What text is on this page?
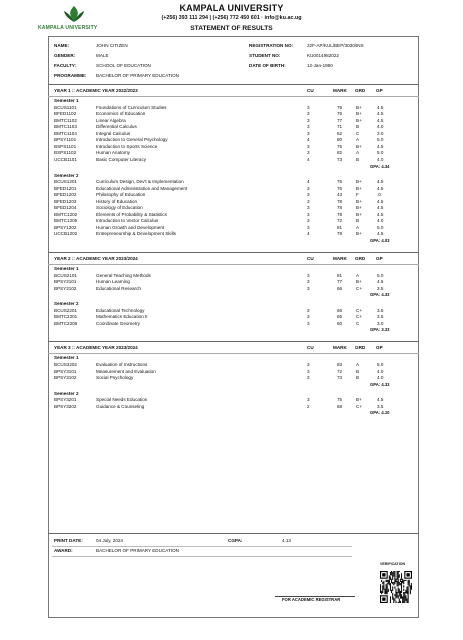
KAMPALA UNIVERSITY
KAMPALA UNIVERSITY
(+256) 393 111 294 | (+256) 772 450 601 · info@ku.ac.ug
STATEMENT OF RESULTS
NAME:	JOHN CITIZEN
GENDER:	MALE
FACULTY:	SCHOOL OF EDUCATION
PROGRAMME: BACHELOR OF PRIMARY EDUCATION
REGISTRATION NO:	22F-AP/KUL/BEP/3030/INS
STUDENT NO:	KU0014982022
DATE OF BIRTH:	12-Jan-1990
YEAR 1 :: ACADEMIC YEAR 2022/2023	CU	MARK GRD GP
Semester 1
BCUS1101	Foundations of Curriculum Studies	3	79	B+	4.5
BFED1102	Economics of Education	3	76	B+	4.5
BMTC1102	Linear Algebra	3	77	B+	4.5
BMTC1103	Differential Calculus	3	71	B	4.0
BMTC1104	Integral Calculus	3	62	C	3.0
BPSY1101	Introduction to General Psychology	4	80	A	5.0
BSPS1101	Introduction to Sports Science	3	75	B+	4.5
BSPS1102	Human Anatomy	3	82	A	5.0
UCCB1101	Basic Computer Literacy	4	73	B	4.0
GPA: 4.34
Semester 2
BCUS1201	Curriculum Design, Dev't & Implementation	4	76	B+	4.5
BFED1201	Educational Administration and Management	3	76	B+	4.5
BFED1202	Philosophy of Education	3	43	F	.0
BFED1203	History of Education	3	78	B+	4.5
BFED1204	Sociology of Education	3	78	B+	4.5
BMTC1202	Elements of Probability & Statistics	3	78	B+	4.5
BMTC1205	Introduction to Vector Calculus	3	72	B	4.0
BPSY1202	Human Growth and Development	3	81	A	5.0
UCCB1202	Entrepreneurship & Development Skills	4	78	B+	4.5
GPA: 4.03
YEAR 2 :: ACADEMIC YEAR 2023/2024	CU	MARK GRD GP
Semester 1
BCUS2101	General Teaching Methods	3	81	A	5.0
BPSY2101	Human Learning	3	77	B+	4.5
BPSY2102	Educational Research	3	66	C+	3.5
GPA: 4.33
Semester 2
BCUS2201	Educational Technology	3	66	C+	3.5
BMTC2201	Mathematics Education II	3	65	C+	3.5
BMTC2206	Coordinate Geometry	3	60	C	3.0
GPA: 3.33
YEAR 3 :: ACADEMIC YEAR 2023/2024	CU	MARK GRD GP
Semester 1
BCUS3202	Evaluation of Instructions	3	83	A	5.0
BPSY3101	Measurement and Evaluation	3	72	B	4.0
BPSY3102	Social Psychology	3	73	B	4.0
GPA: 4.33
Semester 2
BPSY3201	Special Needs Education	3	75	B+	4.5
BPSY3202	Guidance & Counseling	2	68	C+	3.5
GPA: 4.10
PRINT DATE:	04 July, 2024	CGPA:	4.13
AWARD:	BACHELOR OF PRIMARY EDUCATION
VERIFICATION
FOR ACADEMIC REGISTRAR
